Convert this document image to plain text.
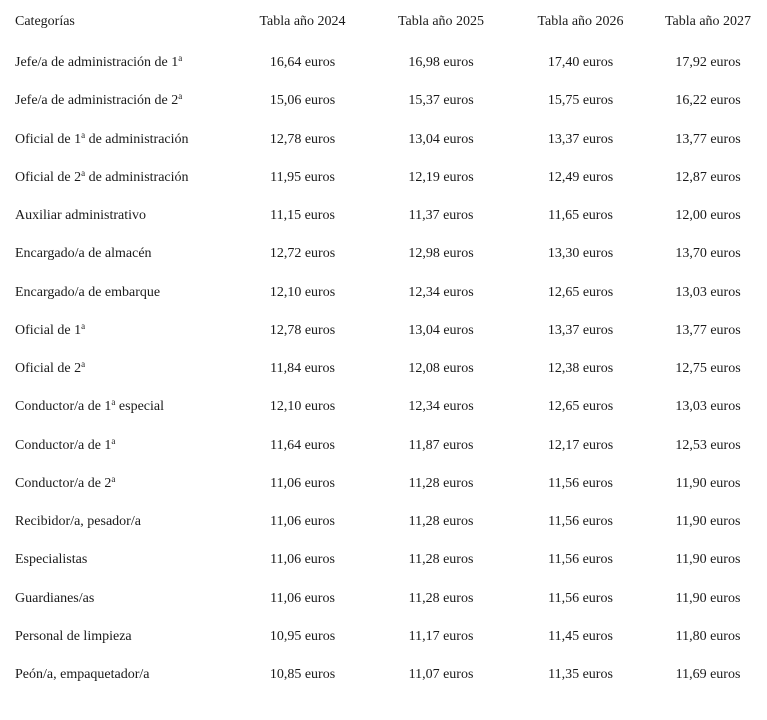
Categorías	Tabla año 2024	Tabla año 2025	Tabla año 2026	Tabla año 2027
Jefe/a de administración de 1$^a$	16,64 euros	16,98 euros	17,40 euros	17,92 euros
Jefe/a de administración de 2$^a$	15,06 euros	15,37 euros	15,75 euros	16,22 euros
Oficial de 1$^a$ de administración	12,78 euros	13,04 euros	13,37 euros	13,77 euros
Oficial de 2$^a$ de administración	11,95 euros	12,19 euros	12,49 euros	12,87 euros
Auxiliar administrativo	11,15 euros	11,37 euros	11,65 euros	12,00 euros
Encargado/a de almacén	12,72 euros	12,98 euros	13,30 euros	13,70 euros
Encargado/a de embarque	12,10 euros	12,34 euros	12,65 euros	13,03 euros
Oficial de 1$^a$	12,78 euros	13,04 euros	13,37 euros	13,77 euros
Oficial de 2$^a$	11,84 euros	12,08 euros	12,38 euros	12,75 euros
Conductor/a de 1$^a$ especial	12,10 euros	12,34 euros	12,65 euros	13,03 euros
Conductor/a de 1$^a$	11,64 euros	11,87 euros	12,17 euros	12,53 euros
Conductor/a de 2$^a$	11,06 euros	11,28 euros	11,56 euros	11,90 euros
Recibidor/a, pesador/a	11,06 euros	11,28 euros	11,56 euros	11,90 euros
Especialistas	11,06 euros	11,28 euros	11,56 euros	11,90 euros
Guardianes/as	11,06 euros	11,28 euros	11,56 euros	11,90 euros
Personal de limpieza	10,95 euros	11,17 euros	11,45 euros	11,80 euros
Peón/a, empaquetador/a	10,85 euros	11,07 euros	11,35 euros	11,69 euros
